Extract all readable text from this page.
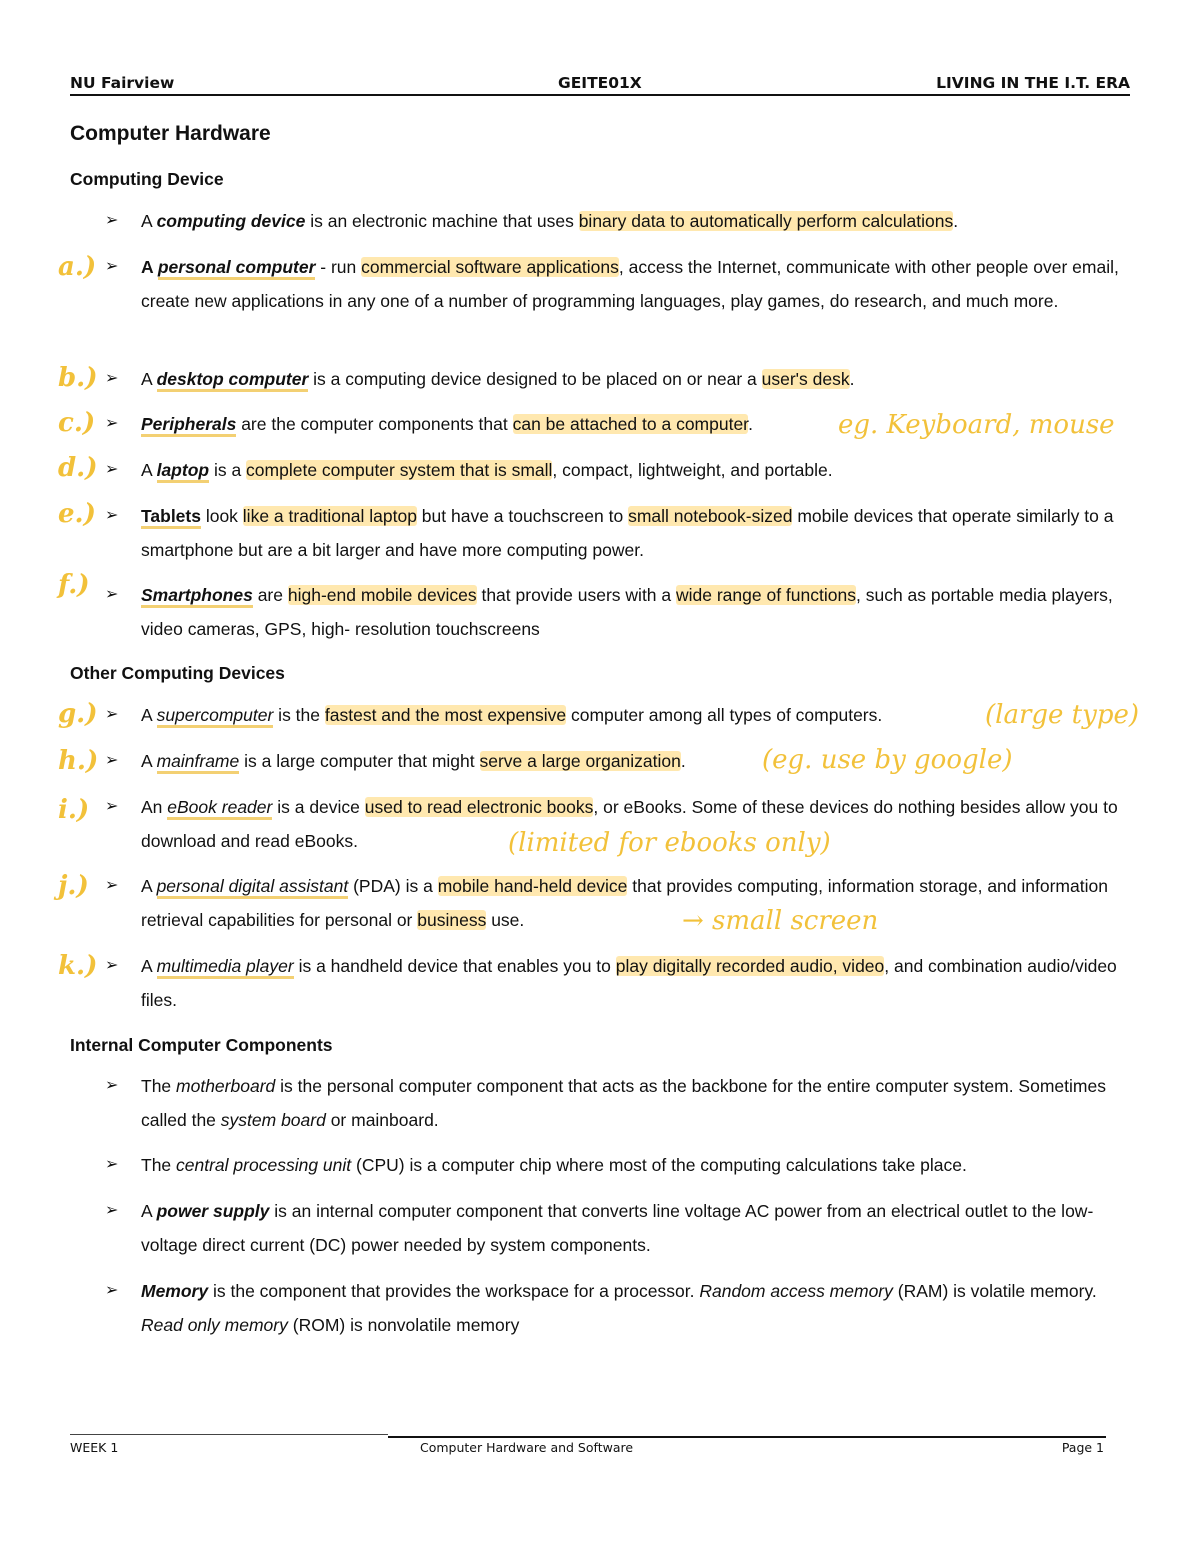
NU Fairview	GEITE01X	LIVING IN THE I.T. ERA
Computer Hardware
Computing Device
➢	A computing device is an electronic machine that uses binary data to automatically perform calculations.
a.) ➢	A personal computer - run commercial software applications, access the Internet, communicate with other people over email, create new applications in any one of a number of programming languages, play games, do research, and much more.
b.) ➢	A desktop computer is a computing device designed to be placed on or near a user's desk.
c.) ➢	Peripherals are the computer components that can be attached to a computer.	eg. Keyboard, mouse
d.) ➢	A laptop is a complete computer system that is small, compact, lightweight, and portable.
e.) ➢	Tablets look like a traditional laptop but have a touchscreen to small notebook-sized mobile devices that operate similarly to a smartphone but are a bit larger and have more computing power.
f.) ➢	Smartphones are high-end mobile devices that provide users with a wide range of functions, such as portable media players, video cameras, GPS, high- resolution touchscreens
Other Computing Devices
g.) ➢	A supercomputer is the fastest and the most expensive computer among all types of computers.	(large type)
h.) ➢	A mainframe is a large computer that might serve a large organization.	(eg. use by google)
i.) ➢	An eBook reader is a device used to read electronic books, or eBooks. Some of these devices do nothing besides allow you to download and read eBooks.	(limited for ebooks only)
j.) ➢	A personal digital assistant (PDA) is a mobile hand-held device that provides computing, information storage, and information retrieval capabilities for personal or business use.	→ small screen
k.) ➢	A multimedia player is a handheld device that enables you to play digitally recorded audio, video, and combination audio/video files.
Internal Computer Components
➢	The motherboard is the personal computer component that acts as the backbone for the entire computer system. Sometimes called the system board or mainboard.
➢	The central processing unit (CPU) is a computer chip where most of the computing calculations take place.
➢	A power supply is an internal computer component that converts line voltage AC power from an electrical outlet to the low-voltage direct current (DC) power needed by system components.
➢	Memory is the component that provides the workspace for a processor. Random access memory (RAM) is volatile memory. Read only memory (ROM) is nonvolatile memory
WEEK 1	Computer Hardware and Software	Page 1
